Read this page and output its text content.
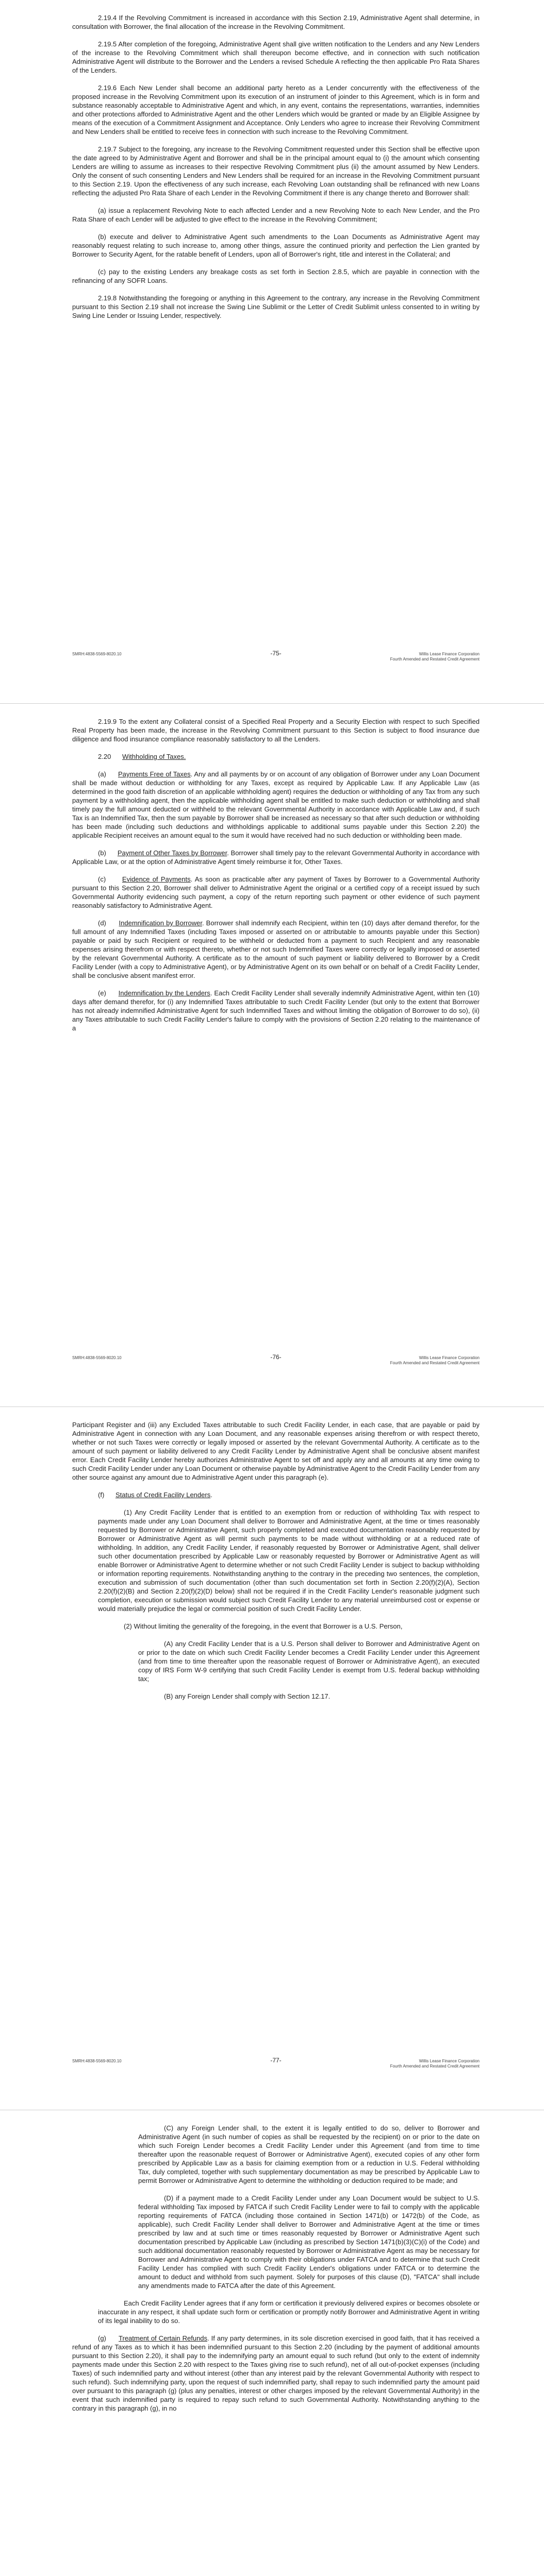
2.19.4 If the Revolving Commitment is increased in accordance with this Section 2.19, Administrative Agent shall determine, in consultation with Borrower, the final allocation of the increase in the Revolving Commitment.

2.19.5 After completion of the foregoing, Administrative Agent shall give written notification to the Lenders and any New Lenders of the increase to the Revolving Commitment which shall thereupon become effective, and in connection with such notification Administrative Agent will distribute to the Borrower and the Lenders a revised Schedule A reflecting the then applicable Pro Rata Shares of the Lenders.

2.19.6 Each New Lender shall become an additional party hereto as a Lender concurrently with the effectiveness of the proposed increase in the Revolving Commitment upon its execution of an instrument of joinder to this Agreement, which is in form and substance reasonably acceptable to Administrative Agent and which, in any event, contains the representations, warranties, indemnities and other protections afforded to Administrative Agent and the other Lenders which would be granted or made by an Eligible Assignee by means of the execution of a Commitment Assignment and Acceptance. Only Lenders who agree to increase their Revolving Commitment and New Lenders shall be entitled to receive fees in connection with such increase to the Revolving Commitment.

2.19.7 Subject to the foregoing, any increase to the Revolving Commitment requested under this Section shall be effective upon the date agreed to by Administrative Agent and Borrower and shall be in the principal amount equal to (i) the amount which consenting Lenders are willing to assume as increases to their respective Revolving Commitment plus (ii) the amount assumed by New Lenders. Only the consent of such consenting Lenders and New Lenders shall be required for an increase in the Revolving Commitment pursuant to this Section 2.19. Upon the effectiveness of any such increase, each Revolving Loan outstanding shall be refinanced with new Loans reflecting the adjusted Pro Rata Share of each Lender in the Revolving Commitment if there is any change thereto and Borrower shall:

(a) issue a replacement Revolving Note to each affected Lender and a new Revolving Note to each New Lender, and the Pro Rata Share of each Lender will be adjusted to give effect to the increase in the Revolving Commitment;

(b) execute and deliver to Administrative Agent such amendments to the Loan Documents as Administrative Agent may reasonably request relating to such increase to, among other things, assure the continued priority and perfection the Lien granted by Borrower to Security Agent, for the ratable benefit of Lenders, upon all of Borrower's right, title and interest in the Collateral; and

(c) pay to the existing Lenders any breakage costs as set forth in Section 2.8.5, which are payable in connection with the refinancing of any SOFR Loans.

2.19.8 Notwithstanding the foregoing or anything in this Agreement to the contrary, any increase in the Revolving Commitment pursuant to this Section 2.19 shall not increase the Swing Line Sublimit or the Letter of Credit Sublimit unless consented to in writing by Swing Line Lender or Issuing Lender, respectively.

SMRH:4838-5569-8020.10	-75-	Willis Lease Finance Corporation
Fourth Amended and Restated Credit Agreement

2.19.9 To the extent any Collateral consist of a Specified Real Property and a Security Election with respect to such Specified Real Property has been made, the increase in the Revolving Commitment pursuant to this Section is subject to flood insurance due diligence and flood insurance compliance reasonably satisfactory to all the Lenders.

2.20 Withholding of Taxes.

(a) Payments Free of Taxes. Any and all payments by or on account of any obligation of Borrower under any Loan Document shall be made without deduction or withholding for any Taxes, except as required by Applicable Law. If any Applicable Law (as determined in the good faith discretion of an applicable withholding agent) requires the deduction or withholding of any Tax from any such payment by a withholding agent, then the applicable withholding agent shall be entitled to make such deduction or withholding and shall timely pay the full amount deducted or withheld to the relevant Governmental Authority in accordance with Applicable Law and, if such Tax is an Indemnified Tax, then the sum payable by Borrower shall be increased as necessary so that after such deduction or withholding has been made (including such deductions and withholdings applicable to additional sums payable under this Section 2.20) the applicable Recipient receives an amount equal to the sum it would have received had no such deduction or withholding been made.

(b) Payment of Other Taxes by Borrower. Borrower shall timely pay to the relevant Governmental Authority in accordance with Applicable Law, or at the option of Administrative Agent timely reimburse it for, Other Taxes.

(c) Evidence of Payments. As soon as practicable after any payment of Taxes by Borrower to a Governmental Authority pursuant to this Section 2.20, Borrower shall deliver to Administrative Agent the original or a certified copy of a receipt issued by such Governmental Authority evidencing such payment, a copy of the return reporting such payment or other evidence of such payment reasonably satisfactory to Administrative Agent.

(d) Indemnification by Borrower. Borrower shall indemnify each Recipient, within ten (10) days after demand therefor, for the full amount of any Indemnified Taxes (including Taxes imposed or asserted on or attributable to amounts payable under this Section) payable or paid by such Recipient or required to be withheld or deducted from a payment to such Recipient and any reasonable expenses arising therefrom or with respect thereto, whether or not such Indemnified Taxes were correctly or legally imposed or asserted by the relevant Governmental Authority. A certificate as to the amount of such payment or liability delivered to Borrower by a Credit Facility Lender (with a copy to Administrative Agent), or by Administrative Agent on its own behalf or on behalf of a Credit Facility Lender, shall be conclusive absent manifest error.

(e) Indemnification by the Lenders. Each Credit Facility Lender shall severally indemnify Administrative Agent, within ten (10) days after demand therefor, for (i) any Indemnified Taxes attributable to such Credit Facility Lender (but only to the extent that Borrower has not already indemnified Administrative Agent for such Indemnified Taxes and without limiting the obligation of Borrower to do so), (ii) any Taxes attributable to such Credit Facility Lender's failure to comply with the provisions of Section 2.20 relating to the maintenance of a

SMRH:4838-5569-8020.10	-76-	Willis Lease Finance Corporation
Fourth Amended and Restated Credit Agreement

Participant Register and (iii) any Excluded Taxes attributable to such Credit Facility Lender, in each case, that are payable or paid by Administrative Agent in connection with any Loan Document, and any reasonable expenses arising therefrom or with respect thereto, whether or not such Taxes were correctly or legally imposed or asserted by the relevant Governmental Authority. A certificate as to the amount of such payment or liability delivered to any Credit Facility Lender by Administrative Agent shall be conclusive absent manifest error. Each Credit Facility Lender hereby authorizes Administrative Agent to set off and apply any and all amounts at any time owing to such Credit Facility Lender under any Loan Document or otherwise payable by Administrative Agent to the Credit Facility Lender from any other source against any amount due to Administrative Agent under this paragraph (e).

(f) Status of Credit Facility Lenders.

(1) Any Credit Facility Lender that is entitled to an exemption from or reduction of withholding Tax with respect to payments made under any Loan Document shall deliver to Borrower and Administrative Agent, at the time or times reasonably requested by Borrower or Administrative Agent, such properly completed and executed documentation reasonably requested by Borrower or Administrative Agent as will permit such payments to be made without withholding or at a reduced rate of withholding. In addition, any Credit Facility Lender, if reasonably requested by Borrower or Administrative Agent, shall deliver such other documentation prescribed by Applicable Law or reasonably requested by Borrower or Administrative Agent as will enable Borrower or Administrative Agent to determine whether or not such Credit Facility Lender is subject to backup withholding or information reporting requirements. Notwithstanding anything to the contrary in the preceding two sentences, the completion, execution and submission of such documentation (other than such documentation set forth in Section 2.20(f)(2)(A), Section 2.20(f)(2)(B) and Section 2.20(f)(2)(D) below) shall not be required if in the Credit Facility Lender's reasonable judgment such completion, execution or submission would subject such Credit Facility Lender to any material unreimbursed cost or expense or would materially prejudice the legal or commercial position of such Credit Facility Lender.

(2) Without limiting the generality of the foregoing, in the event that Borrower is a U.S. Person,

(A) any Credit Facility Lender that is a U.S. Person shall deliver to Borrower and Administrative Agent on or prior to the date on which such Credit Facility Lender becomes a Credit Facility Lender under this Agreement (and from time to time thereafter upon the reasonable request of Borrower or Administrative Agent), an executed copy of IRS Form W-9 certifying that such Credit Facility Lender is exempt from U.S. federal backup withholding tax;

(B) any Foreign Lender shall comply with Section 12.17.

SMRH:4838-5569-8020.10	-77-	Willis Lease Finance Corporation
Fourth Amended and Restated Credit Agreement

(C) any Foreign Lender shall, to the extent it is legally entitled to do so, deliver to Borrower and Administrative Agent (in such number of copies as shall be requested by the recipient) on or prior to the date on which such Foreign Lender becomes a Credit Facility Lender under this Agreement (and from time to time thereafter upon the reasonable request of Borrower or Administrative Agent), executed copies of any other form prescribed by Applicable Law as a basis for claiming exemption from or a reduction in U.S. Federal withholding Tax, duly completed, together with such supplementary documentation as may be prescribed by Applicable Law to permit Borrower or Administrative Agent to determine the withholding or deduction required to be made; and

(D) if a payment made to a Credit Facility Lender under any Loan Document would be subject to U.S. federal withholding Tax imposed by FATCA if such Credit Facility Lender were to fail to comply with the applicable reporting requirements of FATCA (including those contained in Section 1471(b) or 1472(b) of the Code, as applicable), such Credit Facility Lender shall deliver to Borrower and Administrative Agent at the time or times prescribed by law and at such time or times reasonably requested by Borrower or Administrative Agent such documentation prescribed by Applicable Law (including as prescribed by Section 1471(b)(3)(C)(i) of the Code) and such additional documentation reasonably requested by Borrower or Administrative Agent as may be necessary for Borrower and Administrative Agent to comply with their obligations under FATCA and to determine that such Credit Facility Lender has complied with such Credit Facility Lender's obligations under FATCA or to determine the amount to deduct and withhold from such payment. Solely for purposes of this clause (D), "FATCA" shall include any amendments made to FATCA after the date of this Agreement.

Each Credit Facility Lender agrees that if any form or certification it previously delivered expires or becomes obsolete or inaccurate in any respect, it shall update such form or certification or promptly notify Borrower and Administrative Agent in writing of its legal inability to do so.

(g) Treatment of Certain Refunds. If any party determines, in its sole discretion exercised in good faith, that it has received a refund of any Taxes as to which it has been indemnified pursuant to this Section 2.20 (including by the payment of additional amounts pursuant to this Section 2.20), it shall pay to the indemnifying party an amount equal to such refund (but only to the extent of indemnity payments made under this Section 2.20 with respect to the Taxes giving rise to such refund), net of all out-of-pocket expenses (including Taxes) of such indemnified party and without interest (other than any interest paid by the relevant Governmental Authority with respect to such refund). Such indemnifying party, upon the request of such indemnified party, shall repay to such indemnified party the amount paid over pursuant to this paragraph (g) (plus any penalties, interest or other charges imposed by the relevant Governmental Authority) in the event that such indemnified party is required to repay such refund to such Governmental Authority. Notwithstanding anything to the contrary in this paragraph (g), in no
